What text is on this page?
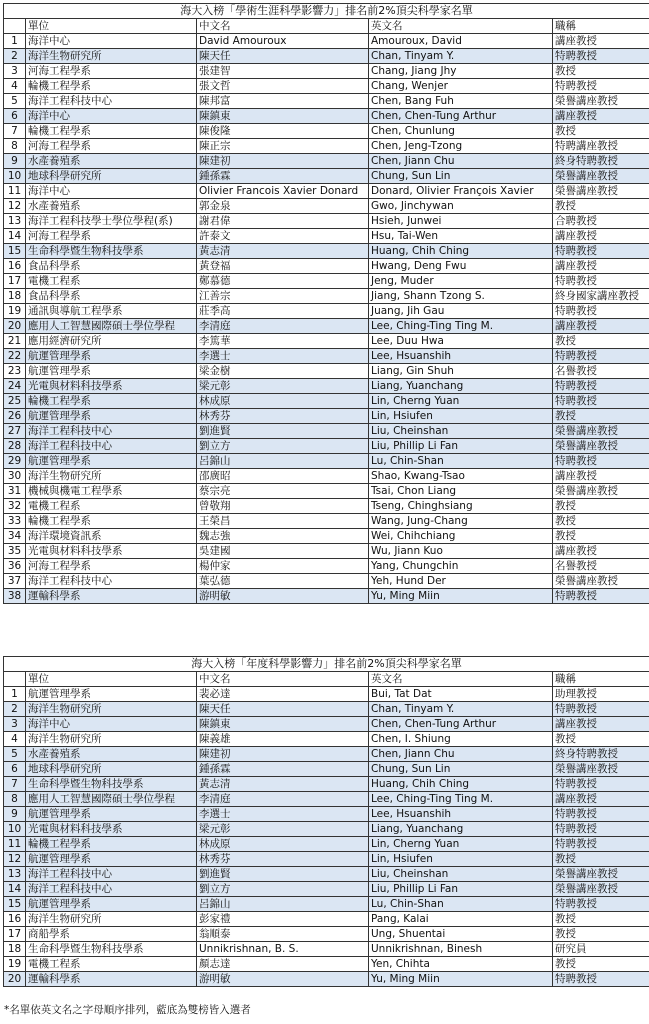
海大入榜「學術生涯科學影響力」排名前2%頂尖科學家名單				
	單位	中文名	英文名	職稱
1	海洋中心	David Amouroux	Amouroux, David	講座教授
2	海洋生物研究所	陳天任	Chan, Tinyam Y.	特聘教授
3	河海工程學系	張建智	Chang, Jiang Jhy	教授
4	輪機工程學系	張文哲	Chang, Wenjer	特聘教授
5	海洋工程科技中心	陳邦富	Chen, Bang Fuh	榮譽講座教授
6	海洋中心	陳鎮東	Chen, Chen-Tung Arthur	講座教授
7	輪機工程學系	陳俊隆	Chen, Chunlung	教授
8	河海工程學系	陳正宗	Chen, Jeng-Tzong	特聘講座教授
9	水產養殖系	陳建初	Chen, Jiann Chu	終身特聘教授
10	地球科學研究所	鍾孫霖	Chung, Sun Lin	榮譽講座教授
11	海洋中心	Olivier Francois Xavier Donard	Donard, Olivier François Xavier	榮譽講座教授
12	水產養殖系	郭金泉	Gwo, Jinchywan	教授
13	海洋工程科技學士學位學程(系)	謝君偉	Hsieh, Junwei	合聘教授
14	河海工程學系	許泰文	Hsu, Tai-Wen	講座教授
15	生命科學暨生物科技學系	黃志清	Huang, Chih Ching	特聘教授
16	食品科學系	黃登福	Hwang, Deng Fwu	講座教授
17	電機工程系	鄭慕德	Jeng, Muder	特聘教授
18	食品科學系	江善宗	Jiang, Shann Tzong S.	終身國家講座教授
19	通訊與導航工程學系	莊季高	Juang, Jih Gau	特聘教授
20	應用人工智慧國際碩士學位學程	李清庭	Lee, Ching-Ting Ting M.	講座教授
21	應用經濟研究所	李篤華	Lee, Duu Hwa	教授
22	航運管理學系	李選士	Lee, Hsuanshih	特聘教授
23	航運管理學系	梁金樹	Liang, Gin Shuh	名譽教授
24	光電與材料科技學系	梁元彰	Liang, Yuanchang	特聘教授
25	輪機工程學系	林成原	Lin, Cherng Yuan	特聘教授
26	航運管理學系	林秀芬	Lin, Hsiufen	教授
27	海洋工程科技中心	劉進賢	Liu, Cheinshan	榮譽講座教授
28	海洋工程科技中心	劉立方	Liu, Phillip Li Fan	榮譽講座教授
29	航運管理學系	呂錦山	Lu, Chin-Shan	特聘教授
30	海洋生物研究所	邵廣昭	Shao, Kwang-Tsao	講座教授
31	機械與機電工程學系	蔡宗亮	Tsai, Chon Liang	榮譽講座教授
32	電機工程系	曾敬翔	Tseng, Chinghsiang	教授
33	輪機工程學系	王榮昌	Wang, Jung-Chang	教授
34	海洋環境資訊系	魏志強	Wei, Chihchiang	教授
35	光電與材料科技學系	吳建國	Wu, Jiann Kuo	講座教授
36	河海工程學系	楊仲家	Yang, Chungchin	名譽教授
37	海洋工程科技中心	葉弘德	Yeh, Hund Der	榮譽講座教授
38	運輸科學系	游明敏	Yu, Ming Miin	特聘教授
海大入榜「年度科學影響力」排名前2%頂尖科學家名單				
	單位	中文名	英文名	職稱
1	航運管理學系	裴必達	Bui, Tat Dat	助理教授
2	海洋生物研究所	陳天任	Chan, Tinyam Y.	特聘教授
3	海洋中心	陳鎮東	Chen, Chen-Tung Arthur	講座教授
4	海洋生物研究所	陳義雄	Chen, I. Shiung	教授
5	水產養殖系	陳建初	Chen, Jiann Chu	終身特聘教授
6	地球科學研究所	鍾孫霖	Chung, Sun Lin	榮譽講座教授
7	生命科學暨生物科技學系	黃志清	Huang, Chih Ching	特聘教授
8	應用人工智慧國際碩士學位學程	李清庭	Lee, Ching-Ting Ting M.	講座教授
9	航運管理學系	李選士	Lee, Hsuanshih	特聘教授
10	光電與材料科技學系	梁元彰	Liang, Yuanchang	特聘教授
11	輪機工程學系	林成原	Lin, Cherng Yuan	特聘教授
12	航運管理學系	林秀芬	Lin, Hsiufen	教授
13	海洋工程科技中心	劉進賢	Liu, Cheinshan	榮譽講座教授
14	海洋工程科技中心	劉立方	Liu, Phillip Li Fan	榮譽講座教授
15	航運管理學系	呂錦山	Lu, Chin-Shan	特聘教授
16	海洋生物研究所	彭家禮	Pang, Kalai	教授
17	商船學系	翁順泰	Ung, Shuentai	教授
18	生命科學暨生物科技學系	Unnikrishnan, B. S.	Unnikrishnan, Binesh	研究員
19	電機工程系	顏志達	Yen, Chihta	教授
20	運輸科學系	游明敏	Yu, Ming Miin	特聘教授
*名單依英文名之字母順序排列，藍底為雙榜皆入選者
